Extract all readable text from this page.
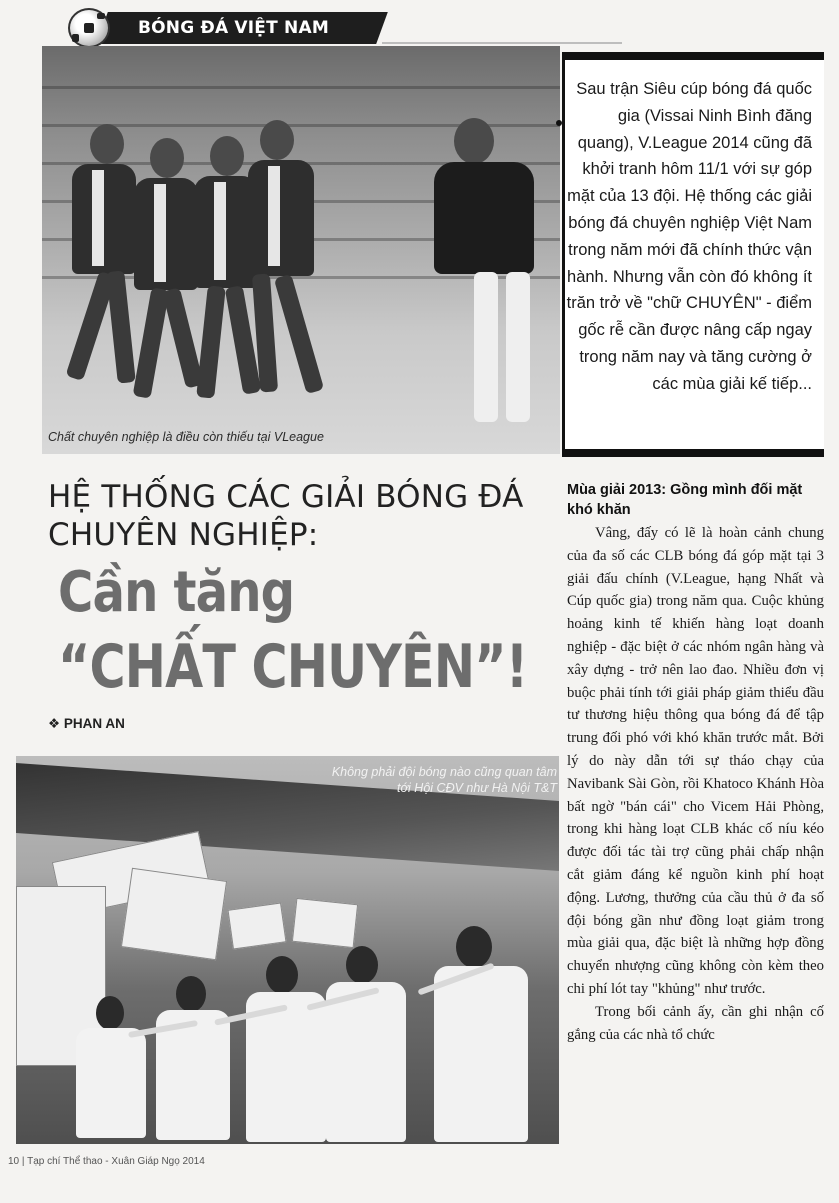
BÓNG ĐÁ VIỆT NAM
Chất chuyên nghiệp là điều còn thiếu tại VLeague
Sau trận Siêu cúp bóng đá quốc gia (Vissai Ninh Bình đăng quang), V.League 2014 cũng đã khởi tranh hôm 11/1 với sự góp mặt của 13 đội. Hệ thống các giải bóng đá chuyên nghiệp Việt Nam trong năm mới đã chính thức vận hành. Nhưng vẫn còn đó không ít trăn trở về "chữ CHUYÊN" - điểm gốc rễ cần được nâng cấp ngay trong năm nay và tăng cường ở các mùa giải kế tiếp...
HỆ THỐNG CÁC GIẢI BÓNG ĐÁ CHUYÊN NGHIỆP:
Cần tăng
“CHẤT CHUYÊN”!
❖ PHAN AN
Không phải đội bóng nào cũng quan tâm tới Hội CĐV như Hà Nội T&T
Mùa giải 2013: Gồng mình đối mặt khó khăn
Vâng, đấy có lẽ là hoàn cảnh chung của đa số các CLB bóng đá góp mặt tại 3 giải đấu chính (V.League, hạng Nhất và Cúp quốc gia) trong năm qua. Cuộc khủng hoảng kinh tế khiến hàng loạt doanh nghiệp - đặc biệt ở các nhóm ngân hàng và xây dựng - trở nên lao đao. Nhiều đơn vị buộc phải tính tới giải pháp giảm thiểu đầu tư thương hiệu thông qua bóng đá để tập trung đối phó với khó khăn trước mắt. Bởi lý do này dẫn tới sự tháo chạy của Navibank Sài Gòn, rồi Khatoco Khánh Hòa bất ngờ "bán cái" cho Vicem Hải Phòng, trong khi hàng loạt CLB khác cố níu kéo được đối tác tài trợ cũng phải chấp nhận cắt giảm đáng kể nguồn kinh phí hoạt động. Lương, thưởng của cầu thủ ở đa số đội bóng gần như đồng loạt giảm trong mùa giải qua, đặc biệt là những hợp đồng chuyển nhượng cũng không còn kèm theo chi phí lót tay "khủng" như trước.
Trong bối cảnh ấy, cần ghi nhận cố gắng của các nhà tổ chức
10 | Tạp chí Thể thao - Xuân Giáp Ngọ 2014
